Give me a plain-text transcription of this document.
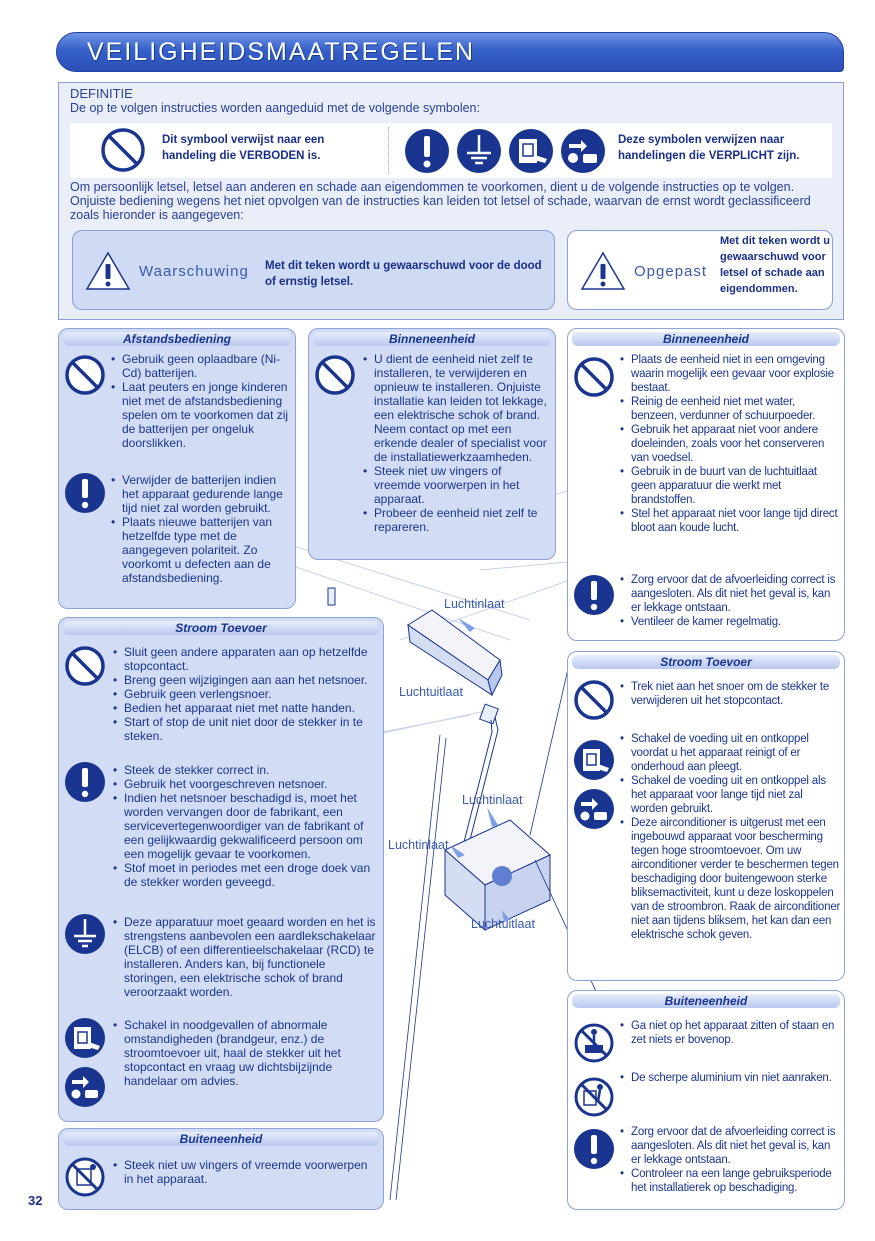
VEILIGHEIDSMAATREGELEN
DEFINITIE
De op te volgen instructies worden aangeduid met de volgende symbolen:
Dit symbool verwijst naar een
handeling die VERBODEN is.
Deze symbolen verwijzen naar
handelingen die VERPLICHT zijn.
Om persoonlijk letsel, letsel aan anderen en schade aan eigendommen te voorkomen, dient u de volgende instructies op te volgen.
Onjuiste bediening wegens het niet opvolgen van de instructies kan leiden tot letsel of schade, waarvan de ernst wordt geclassificeerd
zoals hieronder is aangegeven:
Waarschuwing Met dit teken wordt u gewaarschuwd voor de dood of ernstig letsel.
Opgepast
Met dit teken wordt u gewaarschuwd voor letsel of schade aan eigendommen.
Luchtinlaat
Luchtuitlaat
Luchtinlaat
Luchtinlaat
Luchtuitlaat
Afstandsbediening
• Gebruik geen oplaadbare (Ni-Cd) batterijen.
• Laat peuters en jonge kinderen niet met de afstandsbediening spelen om te voorkomen dat zij de batterijen per ongeluk doorslikken.
• Verwijder de batterijen indien het apparaat gedurende lange tijd niet zal worden gebruikt.
• Plaats nieuwe batterijen van hetzelfde type met de aangegeven polariteit. Zo voorkomt u defecten aan de afstandsbediening.
Binneneenheid
• U dient de eenheid niet zelf te installeren, te verwijderen en opnieuw te installeren. Onjuiste installatie kan leiden tot lekkage, een elektrische schok of brand. Neem contact op met een erkende dealer of specialist voor de installatiewerkzaamheden.
• Steek niet uw vingers of vreemde voorwerpen in het apparaat.
• Probeer de eenheid niet zelf te repareren.
Binneneenheid
• Plaats de eenheid niet in een omgeving waarin mogelijk een gevaar voor explosie bestaat.
• Reinig de eenheid niet met water, benzeen, verdunner of schuurpoeder.
• Gebruik het apparaat niet voor andere doeleinden, zoals voor het conserveren van voedsel.
• Gebruik in de buurt van de luchtuitlaat geen apparatuur die werkt met brandstoffen.
• Stel het apparaat niet voor lange tijd direct bloot aan koude lucht.
• Zorg ervoor dat de afvoerleiding correct is aangesloten. Als dit niet het geval is, kan er lekkage ontstaan.
• Ventileer de kamer regelmatig.
Stroom Toevoer
• Sluit geen andere apparaten aan op hetzelfde stopcontact.
• Breng geen wijzigingen aan aan het netsnoer.
• Gebruik geen verlengsnoer.
• Bedien het apparaat niet met natte handen.
• Start of stop de unit niet door de stekker in te steken.
• Steek de stekker correct in.
• Gebruik het voorgeschreven netsnoer.
• Indien het netsnoer beschadigd is, moet het worden vervangen door de fabrikant, een servicevertegenwoordiger van de fabrikant of een gelijkwaardig gekwalificeerd persoon om een mogelijk gevaar te voorkomen.
• Stof moet in periodes met een droge doek van de stekker worden geveegd.
• Deze apparatuur moet geaard worden en het is strengstens aanbevolen een aardlekschakelaar (ELCB) of een differentieelschakelaar (RCD) te installeren. Anders kan, bij functionele storingen, een elektrische schok of brand veroorzaakt worden.
• Schakel in noodgevallen of abnormale omstandigheden (brandgeur, enz.) de stroomtoevoer uit, haal de stekker uit het stopcontact en vraag uw dichtsbijzijnde handelaar om advies.
Buiteneenheid
• Steek niet uw vingers of vreemde voorwerpen in het apparaat.
Stroom Toevoer
• Trek niet aan het snoer om de stekker te verwijderen uit het stopcontact.
• Schakel de voeding uit en ontkoppel voordat u het apparaat reinigt of er onderhoud aan pleegt.
• Schakel de voeding uit en ontkoppel als het apparaat voor lange tijd niet zal worden gebruikt.
• Deze airconditioner is uitgerust met een ingebouwd apparaat voor bescherming tegen hoge stroomtoevoer. Om uw airconditioner verder te beschermen tegen beschadiging door buitengewoon sterke bliksemactiviteit, kunt u deze loskoppelen van de stroombron. Raak de airconditioner niet aan tijdens bliksem, het kan dan een elektrische schok geven.
Buiteneenheid
• Ga niet op het apparaat zitten of staan en zet niets er bovenop.
• De scherpe aluminium vin niet aanraken.
• Zorg ervoor dat de afvoerleiding correct is aangesloten. Als dit niet het geval is, kan er lekkage ontstaan.
• Controleer na een lange gebruiksperiode het installatierek op beschadiging.
32
